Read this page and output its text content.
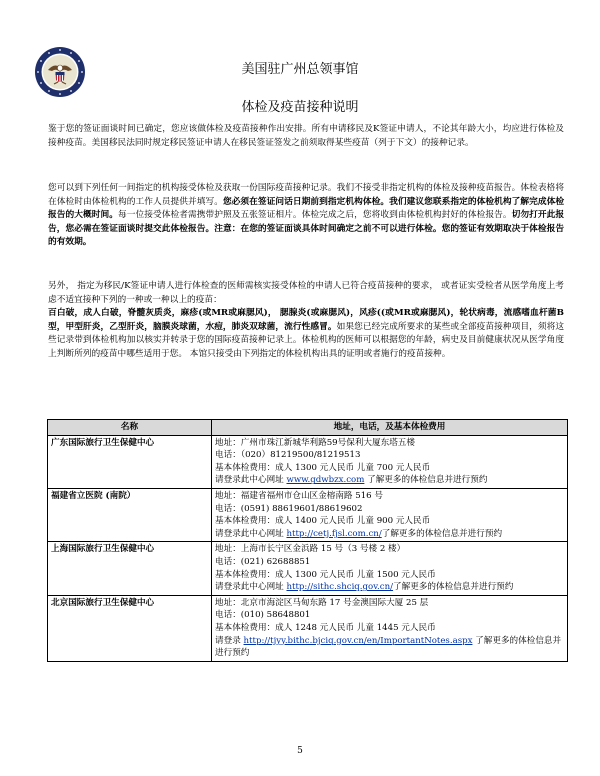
美国驻广州总领事馆
体检及疫苗接种说明

鉴于您的签证面谈时间已确定，您应该做体检及疫苗接种作出安排。所有申请移民及K签证申请人，不论其年龄大小，均应进行体检及接种疫苗。美国移民法同时规定移民签证申请人在移民签证签发之前须取得某些疫苗（列于下文）的接种记录。

您可以到下列任何一间指定的机构接受体检及获取一份国际疫苗接种记录。我们不接受非指定机构的体检及接种疫苗报告。体检表格将在体检时由体检机构的工作人员提供并填写。您必须在签证问话日期前到指定机构体检。我们建议您联系指定的体检机构了解完成体检报告的大概时间。每一位接受体检者需携带护照及五张签证相片。体检完成之后，您将收到由体检机构封好的体检报告。切勿打开此报告，您必需在签证面谈时提交此体检报告。注意：在您的签证面谈具体时间确定之前不可以进行体检。您的签证有效期取决于体检报告的有效期。

另外， 指定为移民/K签证申请人进行体检查的医师需核实接受体检的申请人已符合疫苗接种的要求， 或者证实受检者从医学角度上考虑不适宜接种下列的一种或一种以上的疫苗：
百白破，成人白破，脊髓灰质炎，麻疹(或MR或麻腮风)， 腮腺炎(或麻腮风)，风疹((或MR或麻腮风)，轮状病毒，流感嗜血杆菌B型，甲型肝炎，乙型肝炎，脑膜炎球菌，水痘，肺炎双球菌，流行性感冒。如果您已经完成所要求的某些或全部疫苗接种项目，须将这些记录带到体检机构加以核实并转录于您的国际疫苗接种记录上。体检机构的医师可以根据您的年龄，病史及目前健康状况从医学角度上判断所列的疫苗中哪些适用于您。 本馆只接受由下列指定的体检机构出具的证明或者施行的疫苗接种。

名称	地址，电话，及基本体检费用
广东国际旅行卫生保健中心	地址：广州市珠江新城华利路59号保利大厦东塔五楼
电话：（020）81219500/81219513
基本体检费用：成人 1300 元人民币 儿童 700 元人民币
请登录此中心网址 www.gdwbzx.com 了解更多的体检信息并进行预约

福建省立医院 (南院）	地址：福建省福州市仓山区金榕南路 516 号
电话：(0591) 88619601/88619602
基本体检费用：成人 1400 元人民币 儿童 900 元人民币
请登录此中心网址 http://cetj.fjsl.com.cn/了解更多的体检信息并进行预约

上海国际旅行卫生保健中心	地址：上海市长宁区金浜路 15 号（3 号楼 2 楼）
电话：(021) 62688851
基本体检费用：成人 1300 元人民币 儿童 1500 元人民币
请登录此中心网址 http://sithc.shciq.gov.cn/了解更多的体检信息并进行预约

北京国际旅行卫生保健中心	地址：北京市海淀区马甸东路 17 号金澳国际大厦 25 层
电话：(010) 58648801
基本体检费用：成人 1248 元人民币 儿童 1445 元人民币
请登录 http://tjyy.bithc.bjciq.gov.cn/en/ImportantNotes.aspx 了解更多的体检信息并进行预约
5
